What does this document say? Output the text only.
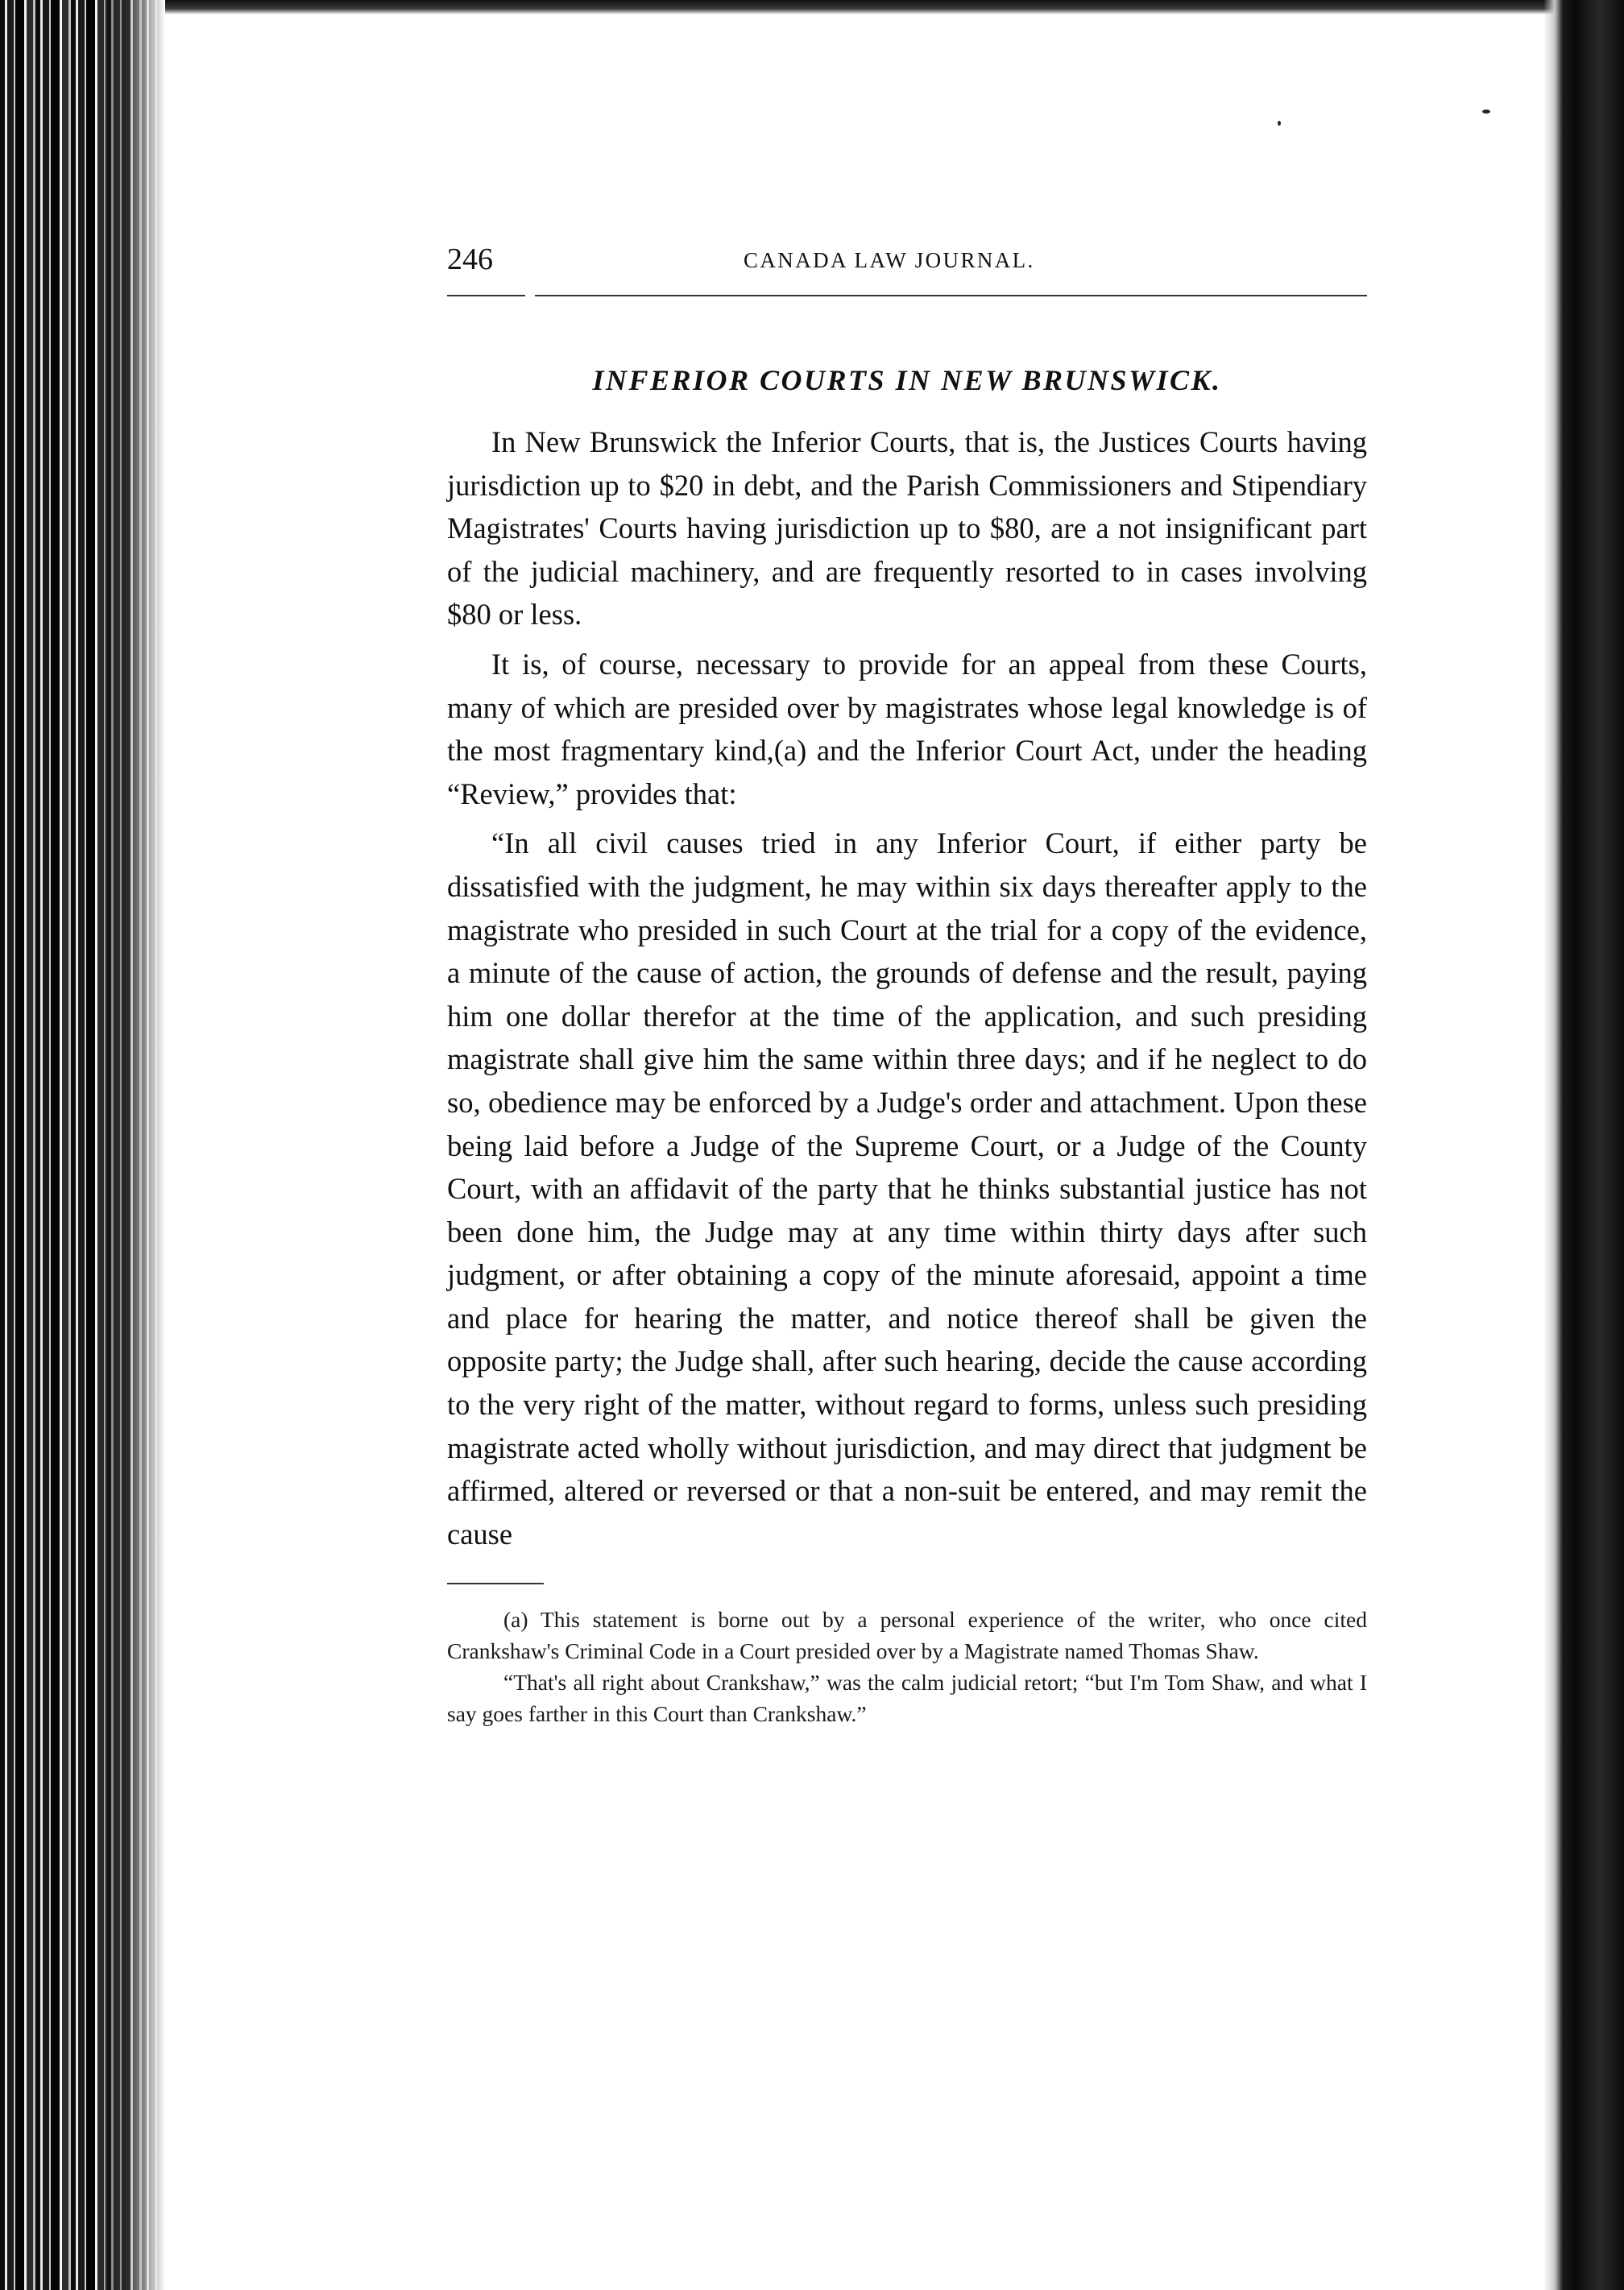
246	CANADA LAW JOURNAL.
INFERIOR COURTS IN NEW BRUNSWICK.

In New Brunswick the Inferior Courts, that is, the Justices Courts having jurisdiction up to $20 in debt, and the Parish Commissioners and Stipendiary Magistrates' Courts having jurisdiction up to $80, are a not insignificant part of the judicial machinery, and are frequently resorted to in cases involving $80 or less.

It is, of course, necessary to provide for an appeal from these Courts, many of which are presided over by magistrates whose legal knowledge is of the most fragmentary kind,(a) and the Inferior Court Act, under the heading “Review,” provides that:

“In all civil causes tried in any Inferior Court, if either party be dissatisfied with the judgment, he may within six days thereafter apply to the magistrate who presided in such Court at the trial for a copy of the evidence, a minute of the cause of action, the grounds of defense and the result, paying him one dollar therefor at the time of the application, and such presiding magistrate shall give him the same within three days; and if he neglect to do so, obedience may be enforced by a Judge's order and attachment. Upon these being laid before a Judge of the Supreme Court, or a Judge of the County Court, with an affidavit of the party that he thinks substantial justice has not been done him, the Judge may at any time within thirty days after such judgment, or after obtaining a copy of the minute aforesaid, appoint a time and place for hearing the matter, and notice thereof shall be given the opposite party; the Judge shall, after such hearing, decide the cause according to the very right of the matter, without regard to forms, unless such presiding magistrate acted wholly without jurisdiction, and may direct that judgment be affirmed, altered or reversed or that a non-suit be entered, and may remit the cause

(a) This statement is borne out by a personal experience of the writer, who once cited Crankshaw's Criminal Code in a Court presided over by a Magistrate named Thomas Shaw.

“That's all right about Crankshaw,” was the calm judicial retort; “but I'm Tom Shaw, and what I say goes farther in this Court than Crankshaw.”
